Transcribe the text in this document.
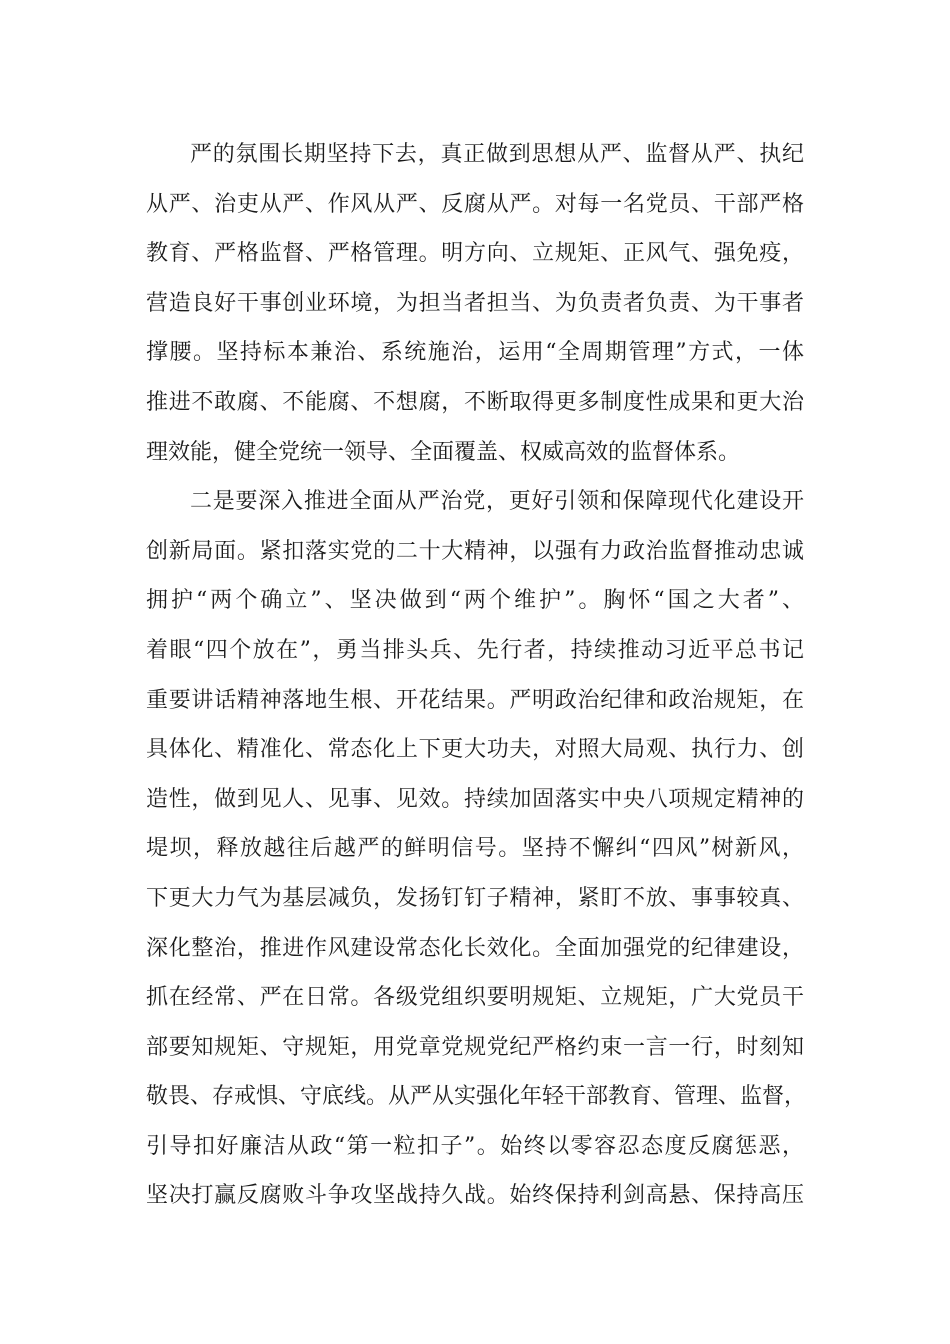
严的氛围长期坚持下去，真正做到思想从严、监督从严、执纪
从严、治吏从严、作风从严、反腐从严。对每一名党员、干部严格
教育、严格监督、严格管理。明方向、立规矩、正风气、强免疫，
营造良好干事创业环境，为担当者担当、为负责者负责、为干事者
撑腰。坚持标本兼治、系统施治，运用“全周期管理”方式，一体
推进不敢腐、不能腐、不想腐，不断取得更多制度性成果和更大治
理效能，健全党统一领导、全面覆盖、权威高效的监督体系。
二是要深入推进全面从严治党，更好引领和保障现代化建设开
创新局面。紧扣落实党的二十大精神，以强有力政治监督推动忠诚
拥护“两个确立”、坚决做到“两个维护”。胸怀“国之大者”、
着眼“四个放在”，勇当排头兵、先行者，持续推动习近平总书记
重要讲话精神落地生根、开花结果。严明政治纪律和政治规矩，在
具体化、精准化、常态化上下更大功夫，对照大局观、执行力、创
造性，做到见人、见事、见效。持续加固落实中央八项规定精神的
堤坝，释放越往后越严的鲜明信号。坚持不懈纠“四风”树新风，
下更大力气为基层减负，发扬钉钉子精神，紧盯不放、事事较真、
深化整治，推进作风建设常态化长效化。全面加强党的纪律建设，
抓在经常、严在日常。各级党组织要明规矩、立规矩，广大党员干
部要知规矩、守规矩，用党章党规党纪严格约束一言一行，时刻知
敬畏、存戒惧、守底线。从严从实强化年轻干部教育、管理、监督，
引导扣好廉洁从政“第一粒扣子”。始终以零容忍态度反腐惩恶，
坚决打赢反腐败斗争攻坚战持久战。始终保持利剑高悬、保持高压
